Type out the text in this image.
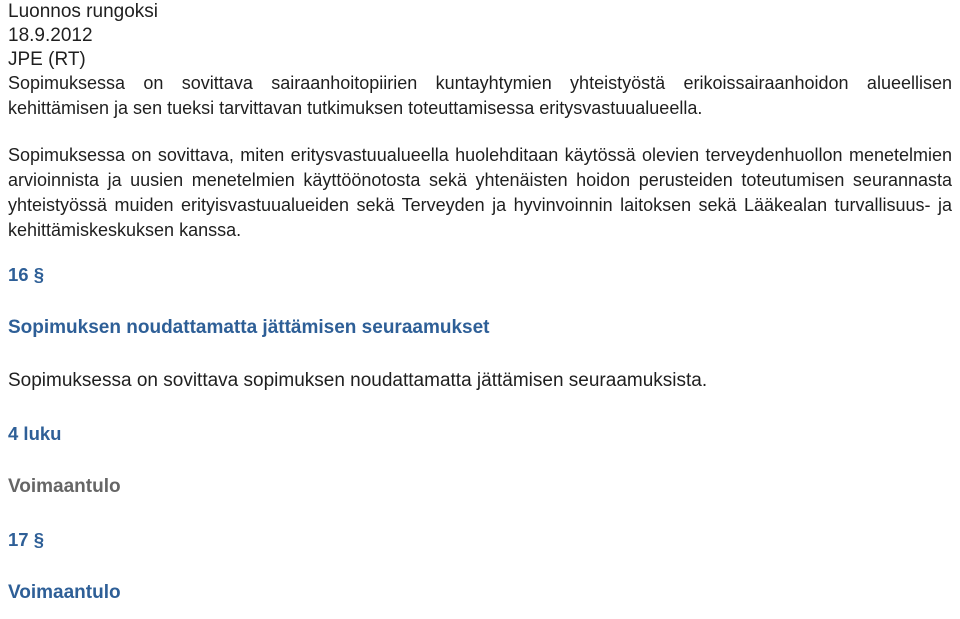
Luonnos rungoksi

18.9.2012

JPE (RT)

Sopimuksessa on sovittava sairaanhoitopiirien kuntayhtymien yhteistyöstä erikoissairaanhoidon alueellisen kehittämisen ja sen tueksi tarvittavan tutkimuksen toteuttamisessa eritysvastuualueella.

Sopimuksessa on sovittava, miten eritysvastuualueella huolehditaan käytössä olevien terveydenhuollon menetelmien arvioinnista ja uusien menetelmien käyttöönotosta sekä yhtenäisten hoidon perusteiden toteutumisen seurannasta yhteistyössä muiden erityisvastuualueiden sekä Terveyden ja hyvinvoinnin laitoksen sekä Lääkealan turvallisuus- ja kehittämiskeskuksen kanssa.

16 §

Sopimuksen noudattamatta jättämisen seuraamukset

Sopimuksessa on sovittava sopimuksen noudattamatta jättämisen seuraamuksista.

4 luku

Voimaantulo

17 §

Voimaantulo
